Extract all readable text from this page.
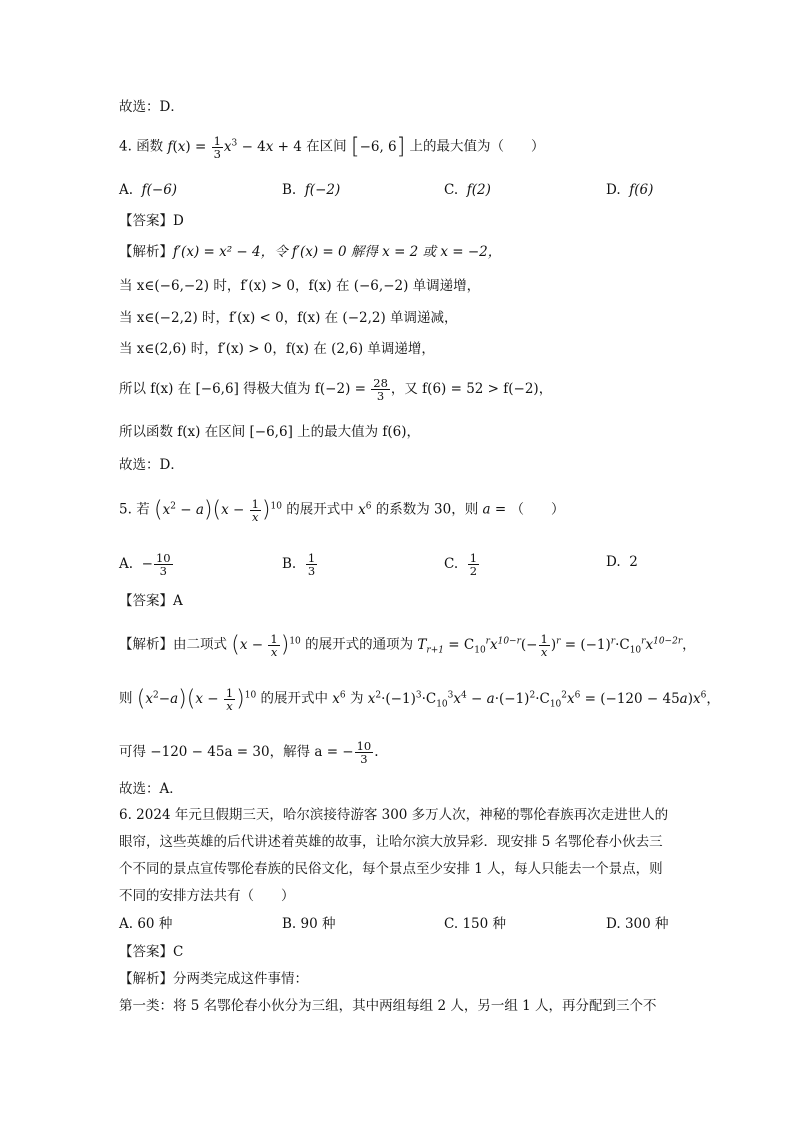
故选：D．
4. 函数 $f(x) = \frac{1}{3} x^3 - 4x + 4$ 在区间 [−6, 6] 上的最大值为（　　）
A. f(−6)	B. f(−2)	C. f(2)	D. f(6)
【答案】D
【解析】f′(x) = x² − 4，令 f′(x) = 0 解得 x = 2 或 x = −2，
当 x∈(−6,−2) 时，f′(x) > 0，f(x) 在 (−6,−2) 单调递增，
当 x∈(−2,2) 时，f′(x) < 0，f(x) 在 (−2,2) 单调递减，
当 x∈(2,6) 时，f′(x) > 0，f(x) 在 (2,6) 单调递增，
所以 f(x) 在 [−6,6] 得极大值为 $f(-2) = \frac{28}{3}$ ，又 f(6) = 52 > f(−2)，
所以函数 f(x) 在区间 [−6,6] 上的最大值为 f(6)，
故选：D．
5. 若 $(x^2 - a)(x - \frac{1}{x} )^{10}$ 的展开式中 $x^6$ 的系数为 30，则 a = （　　）
A. − $\frac{10}{3}$	B. $\frac{1}{3}$	C. $\frac{1}{2}$	D. 2
【答案】A
【解析】由二项式 $(x - \frac{1}{x} )^{10}$ 的展开式的通项为 $T_{r+1} = C_{10}^rx^{10-r}(- \frac{1}{x} )^r = (-1)^r\cdot C_{10}^rx^{10-2r}$，
则 $(x^2-a)(x - \frac{1}{x} )^{10}$ 的展开式中 $x^6$ 为 $x^2\cdot(-1)^3\cdot C_{10}^3x^4 - a\cdot(-1)^2\cdot C_{10}^2x^6 = (-120 - 45a)x^6$，
可得 −120 − 45a = 30，解得 a = − $\frac{10}{3}$ .
故选：A．
6. 2024 年元旦假期三天，哈尔滨接待游客 300 多万人次，神秘的鄂伦春族再次走进世人的
眼帘，这些英雄的后代讲述着英雄的故事，让哈尔滨大放异彩．现安排 5 名鄂伦春小伙去三
个不同的景点宣传鄂伦春族的民俗文化，每个景点至少安排 1 人，每人只能去一个景点，则
不同的安排方法共有（　　）
A. 60 种	B. 90 种	C. 150 种	D. 300 种
【答案】C
【解析】分两类完成这件事情：
第一类：将 5 名鄂伦春小伙分为三组，其中两组每组 2 人，另一组 1 人，再分配到三个不
